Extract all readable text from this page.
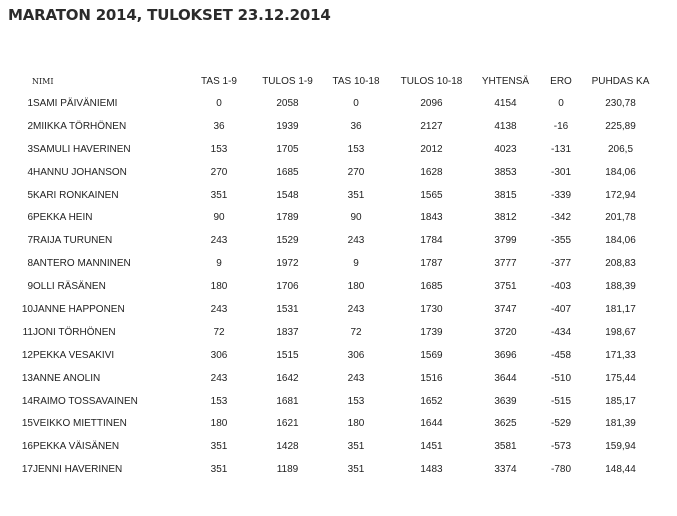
MARATON 2014, TULOKSET 23.12.2014
NIMI		TAS 1-9	TULOS 1-9	TAS 10-18	TULOS 10-18	YHTENSÄ	ERO	PUHDAS KA
1	SAMI PÄIVÄNIEMI	0	2058	0	2096	4154	0	230,78
2	MIIKKA TÖRHÖNEN	36	1939	36	2127	4138	-16	225,89
3	SAMULI HAVERINEN	153	1705	153	2012	4023	-131	206,5
4	HANNU JOHANSON	270	1685	270	1628	3853	-301	184,06
5	KARI RONKAINEN	351	1548	351	1565	3815	-339	172,94
6	PEKKA HEIN	90	1789	90	1843	3812	-342	201,78
7	RAIJA TURUNEN	243	1529	243	1784	3799	-355	184,06
8	ANTERO MANNINEN	9	1972	9	1787	3777	-377	208,83
9	OLLI RÄSÄNEN	180	1706	180	1685	3751	-403	188,39
10	JANNE HAPPONEN	243	1531	243	1730	3747	-407	181,17
11	JONI TÖRHÖNEN	72	1837	72	1739	3720	-434	198,67
12	PEKKA VESAKIVI	306	1515	306	1569	3696	-458	171,33
13	ANNE ANOLIN	243	1642	243	1516	3644	-510	175,44
14	RAIMO TOSSAVAINEN	153	1681	153	1652	3639	-515	185,17
15	VEIKKO MIETTINEN	180	1621	180	1644	3625	-529	181,39
16	PEKKA VÄISÄNEN	351	1428	351	1451	3581	-573	159,94
17	JENNI HAVERINEN	351	1189	351	1483	3374	-780	148,44
